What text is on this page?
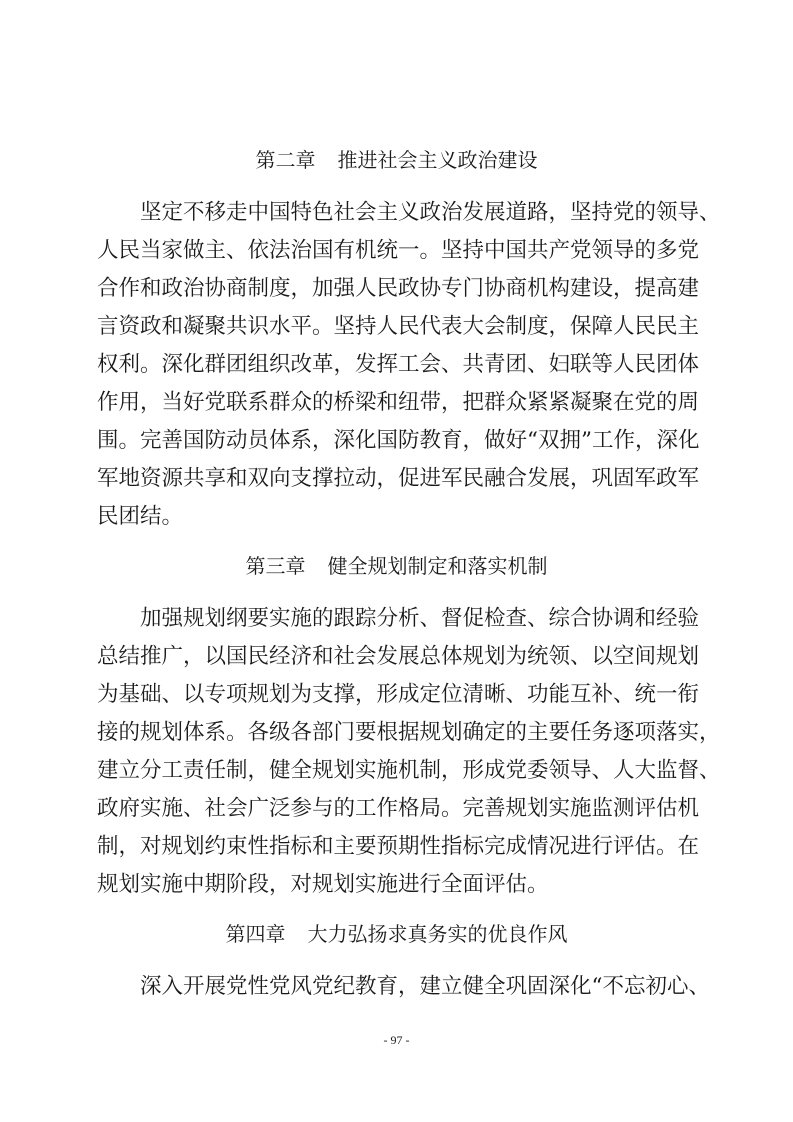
第二章 推进社会主义政治建设
坚定不移走中国特色社会主义政治发展道路，坚持党的领导、
人民当家做主、依法治国有机统一。坚持中国共产党领导的多党
合作和政治协商制度，加强人民政协专门协商机构建设，提高建
言资政和凝聚共识水平。坚持人民代表大会制度，保障人民民主
权利。深化群团组织改革，发挥工会、共青团、妇联等人民团体
作用，当好党联系群众的桥梁和纽带，把群众紧紧凝聚在党的周
围。完善国防动员体系，深化国防教育，做好“双拥”工作，深化
军地资源共享和双向支撑拉动，促进军民融合发展，巩固军政军
民团结。
第三章 健全规划制定和落实机制
加强规划纲要实施的跟踪分析、督促检查、综合协调和经验
总结推广，以国民经济和社会发展总体规划为统领、以空间规划
为基础、以专项规划为支撑，形成定位清晰、功能互补、统一衔
接的规划体系。各级各部门要根据规划确定的主要任务逐项落实，
建立分工责任制，健全规划实施机制，形成党委领导、人大监督、
政府实施、社会广泛参与的工作格局。完善规划实施监测评估机
制，对规划约束性指标和主要预期性指标完成情况进行评估。在
规划实施中期阶段，对规划实施进行全面评估。
第四章 大力弘扬求真务实的优良作风
深入开展党性党风党纪教育，建立健全巩固深化“不忘初心、
- 97 -
